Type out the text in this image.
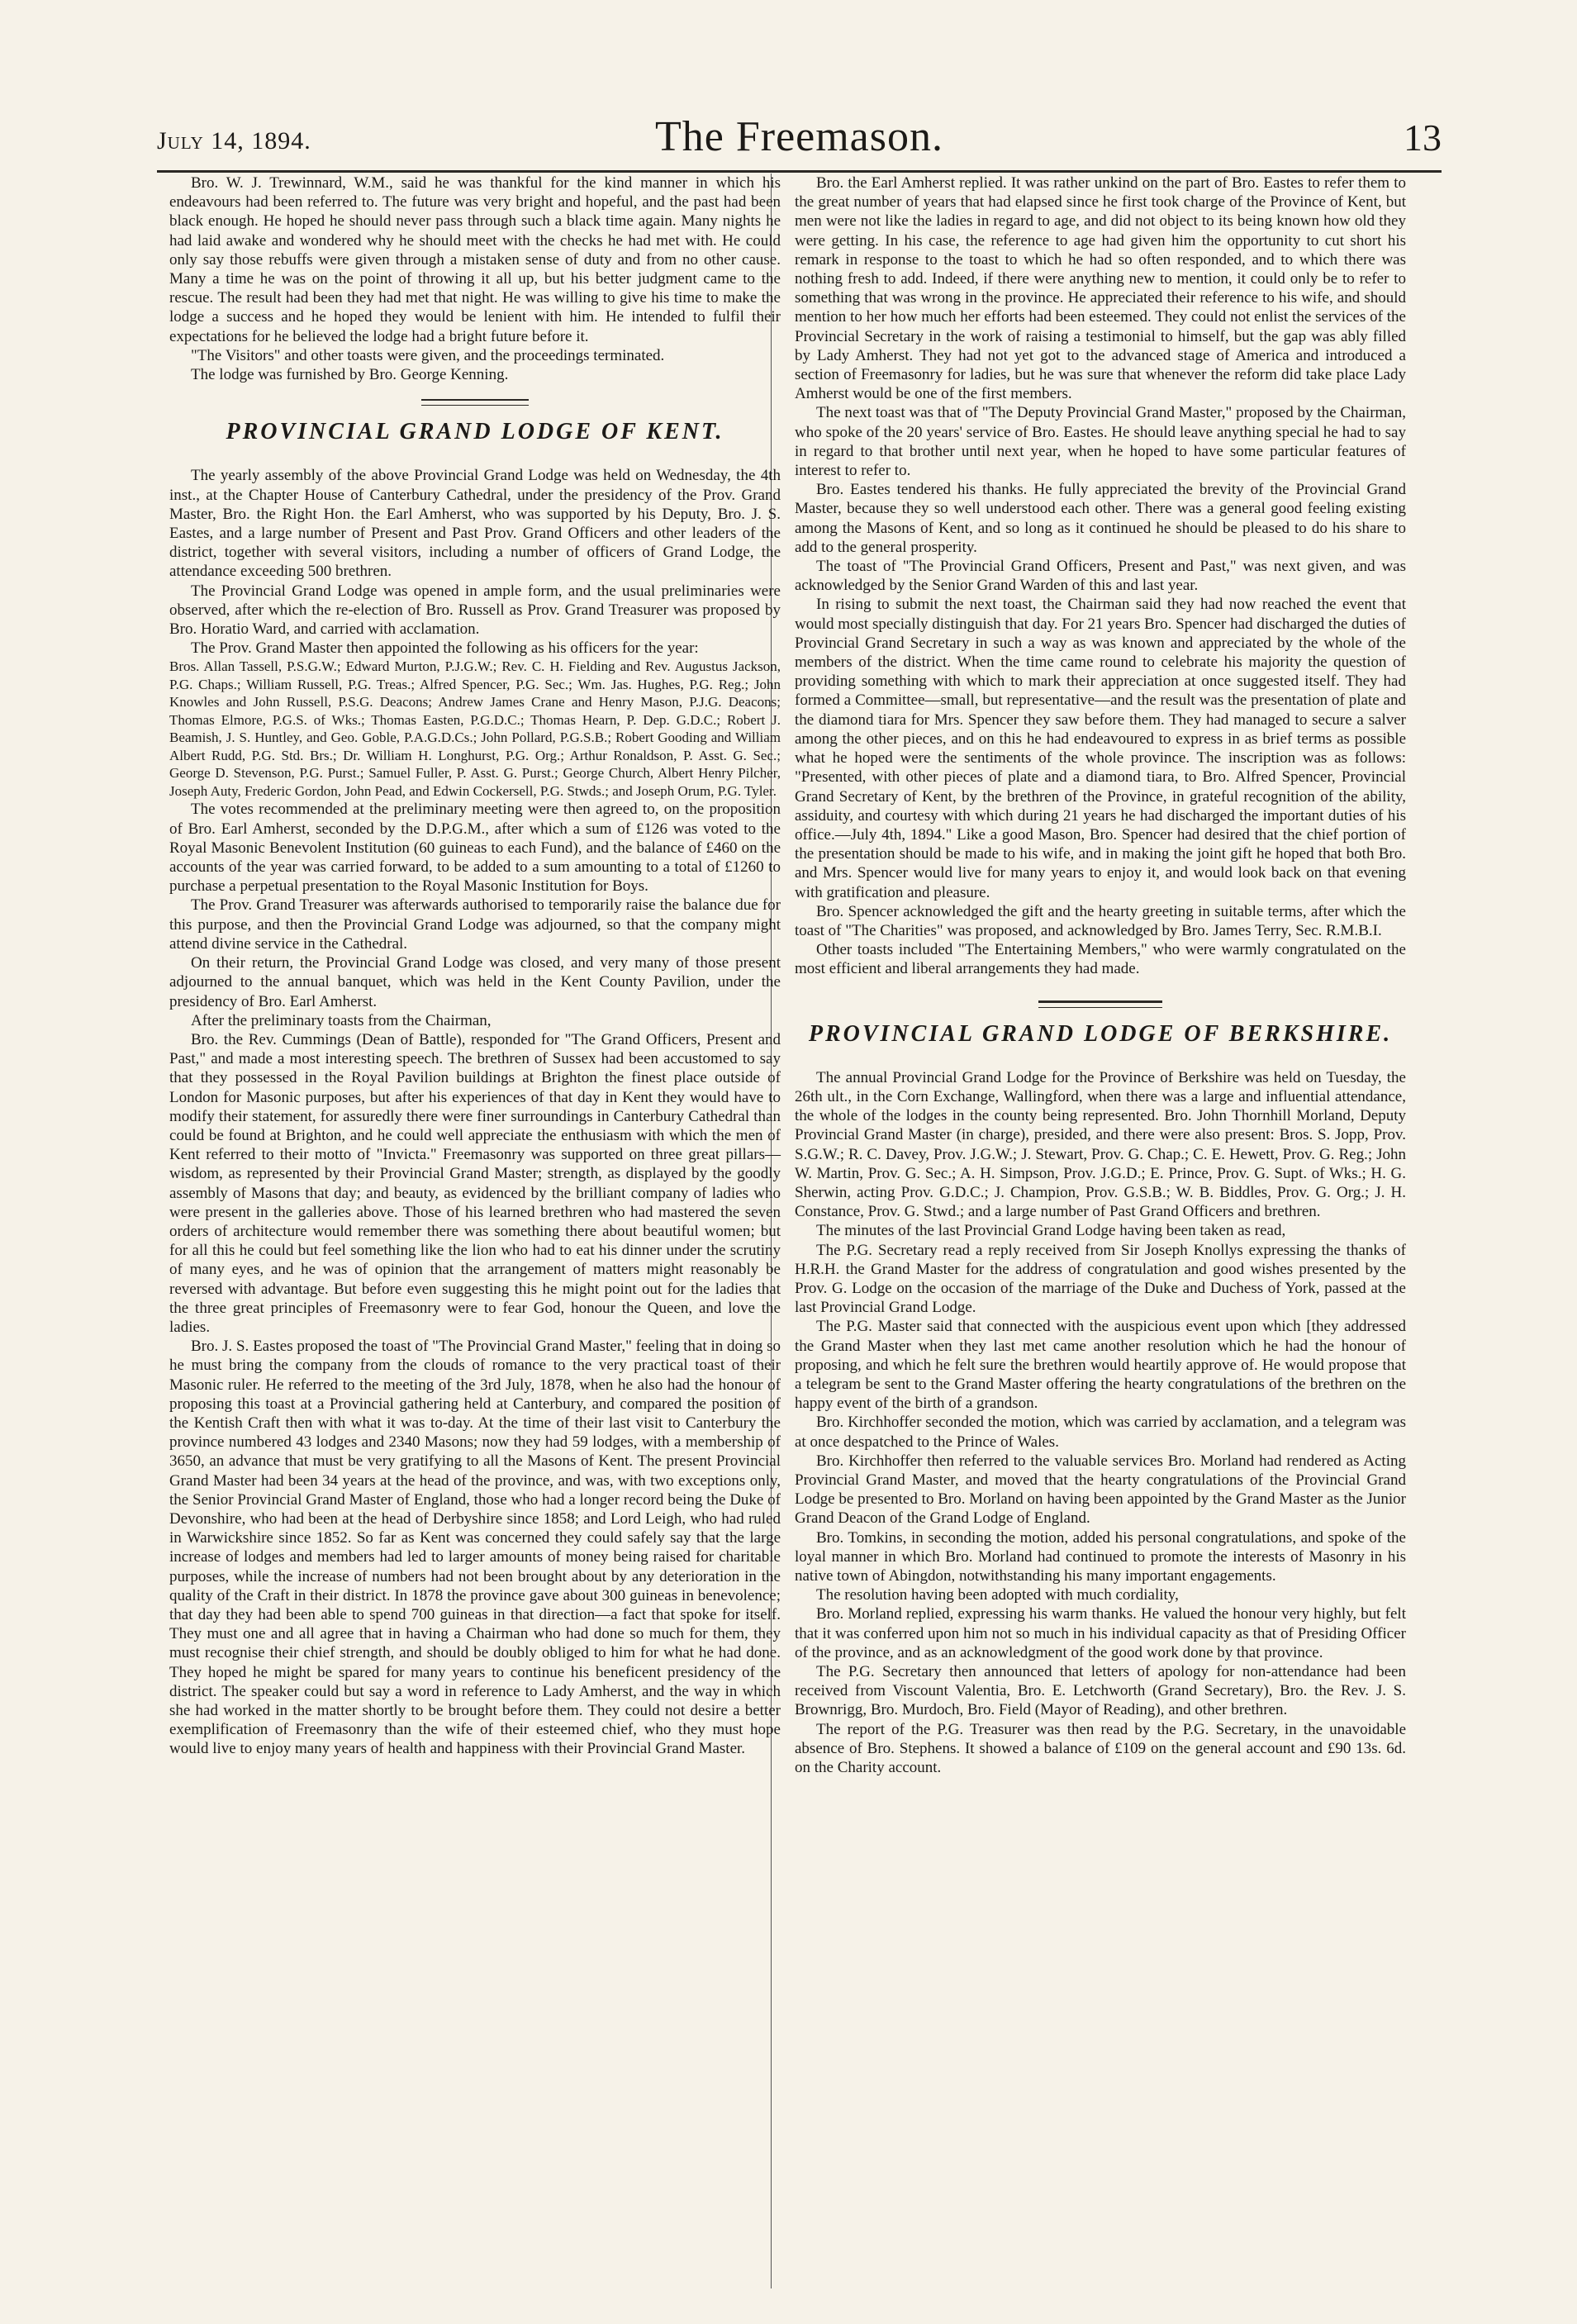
July 14, 1894.	The Freemason.	13

Bro. W. J. Trewinnard, W.M., said he was thankful for the kind manner in which his endeavours had been referred to. The future was very bright and hopeful, and the past had been black enough. He hoped he should never pass through such a black time again. Many nights he had laid awake and wondered why he should meet with the checks he had met with. He could only say those rebuffs were given through a mistaken sense of duty and from no other cause. Many a time he was on the point of throwing it all up, but his better judgment came to the rescue. The result had been they had met that night. He was willing to give his time to make the lodge a success and he hoped they would be lenient with him. He intended to fulfil their expectations for he believed the lodge had a bright future before it.

"The Visitors" and other toasts were given, and the proceedings terminated.

The lodge was furnished by Bro. George Kenning.

PROVINCIAL GRAND LODGE OF KENT.

The yearly assembly of the above Provincial Grand Lodge was held on Wednesday, the 4th inst., at the Chapter House of Canterbury Cathedral, under the presidency of the Prov. Grand Master, Bro. the Right Hon. the Earl Amherst, who was supported by his Deputy, Bro. J. S. Eastes, and a large number of Present and Past Prov. Grand Officers and other leaders of the district, together with several visitors, including a number of officers of Grand Lodge, the attendance exceeding 500 brethren.

The Provincial Grand Lodge was opened in ample form, and the usual preliminaries were observed, after which the re-election of Bro. Russell as Prov. Grand Treasurer was proposed by Bro. Horatio Ward, and carried with acclamation.

The Prov. Grand Master then appointed the following as his officers for the year:

Bros. Allan Tassell, P.S.G.W.; Edward Murton, P.J.G.W.; Rev. C. H. Fielding and Rev. Augustus Jackson, P.G. Chaps.; William Russell, P.G. Treas.; Alfred Spencer, P.G. Sec.; Wm. Jas. Hughes, P.G. Reg.; John Knowles and John Russell, P.S.G. Deacons; Andrew James Crane and Henry Mason, P.J.G. Deacons; Thomas Elmore, P.G.S. of Wks.; Thomas Easten, P.G.D.C.; Thomas Hearn, P. Dep. G.D.C.; Robert J. Beamish, J. S. Huntley, and Geo. Goble, P.A.G.D.Cs.; John Pollard, P.G.S.B.; Robert Gooding and William Albert Rudd, P.G. Std. Brs.; Dr. William H. Longhurst, P.G. Org.; Arthur Ronaldson, P. Asst. G. Sec.; George D. Stevenson, P.G. Purst.; Samuel Fuller, P. Asst. G. Purst.; George Church, Albert Henry Pilcher, Joseph Auty, Frederic Gordon, John Pead, and Edwin Cockersell, P.G. Stwds.; and Joseph Orum, P.G. Tyler.

The votes recommended at the preliminary meeting were then agreed to, on the proposition of Bro. Earl Amherst, seconded by the D.P.G.M., after which a sum of £126 was voted to the Royal Masonic Benevolent Institution (60 guineas to each Fund), and the balance of £460 on the accounts of the year was carried forward, to be added to a sum amounting to a total of £1260 to purchase a perpetual presentation to the Royal Masonic Institution for Boys.

The Prov. Grand Treasurer was afterwards authorised to temporarily raise the balance due for this purpose, and then the Provincial Grand Lodge was adjourned, so that the company might attend divine service in the Cathedral.

On their return, the Provincial Grand Lodge was closed, and very many of those present adjourned to the annual banquet, which was held in the Kent County Pavilion, under the presidency of Bro. Earl Amherst.

After the preliminary toasts from the Chairman,

Bro. the Rev. Cummings (Dean of Battle), responded for "The Grand Officers, Present and Past," and made a most interesting speech. The brethren of Sussex had been accustomed to say that they possessed in the Royal Pavilion buildings at Brighton the finest place outside of London for Masonic purposes, but after his experiences of that day in Kent they would have to modify their statement, for assuredly there were finer surroundings in Canterbury Cathedral than could be found at Brighton, and he could well appreciate the enthusiasm with which the men of Kent referred to their motto of "Invicta." Freemasonry was supported on three great pillars—wisdom, as represented by their Provincial Grand Master; strength, as displayed by the goodly assembly of Masons that day; and beauty, as evidenced by the brilliant company of ladies who were present in the galleries above. Those of his learned brethren who had mastered the seven orders of architecture would remember there was something there about beautiful women; but for all this he could but feel something like the lion who had to eat his dinner under the scrutiny of many eyes, and he was of opinion that the arrangement of matters might reasonably be reversed with advantage. But before even suggesting this he might point out for the ladies that the three great principles of Freemasonry were to fear God, honour the Queen, and love the ladies.

Bro. J. S. Eastes proposed the toast of "The Provincial Grand Master," feeling that in doing so he must bring the company from the clouds of romance to the very practical toast of their Masonic ruler. He referred to the meeting of the 3rd July, 1878, when he also had the honour of proposing this toast at a Provincial gathering held at Canterbury, and compared the position of the Kentish Craft then with what it was to-day. At the time of their last visit to Canterbury the province numbered 43 lodges and 2340 Masons; now they had 59 lodges, with a membership of 3650, an advance that must be very gratifying to all the Masons of Kent. The present Provincial Grand Master had been 34 years at the head of the province, and was, with two exceptions only, the Senior Provincial Grand Master of England, those who had a longer record being the Duke of Devonshire, who had been at the head of Derbyshire since 1858; and Lord Leigh, who had ruled in Warwickshire since 1852. So far as Kent was concerned they could safely say that the large increase of lodges and members had led to larger amounts of money being raised for charitable purposes, while the increase of numbers had not been brought about by any deterioration in the quality of the Craft in their district. In 1878 the province gave about 300 guineas in benevolence; that day they had been able to spend 700 guineas in that direction—a fact that spoke for itself. They must one and all agree that in having a Chairman who had done so much for them, they must recognise their chief strength, and should be doubly obliged to him for what he had done. They hoped he might be spared for many years to continue his beneficent presidency of the district. The speaker could but say a word in reference to Lady Amherst, and the way in which she had worked in the matter shortly to be brought before them. They could not desire a better exemplification of Freemasonry than the wife of their esteemed chief, who they must hope would live to enjoy many years of health and happiness with their Provincial Grand Master.

Bro. the Earl Amherst replied. It was rather unkind on the part of Bro. Eastes to refer them to the great number of years that had elapsed since he first took charge of the Province of Kent, but men were not like the ladies in regard to age, and did not object to its being known how old they were getting. In his case, the reference to age had given him the opportunity to cut short his remark in response to the toast to which he had so often responded, and to which there was nothing fresh to add. Indeed, if there were anything new to mention, it could only be to refer to something that was wrong in the province. He appreciated their reference to his wife, and should mention to her how much her efforts had been esteemed. They could not enlist the services of the Provincial Secretary in the work of raising a testimonial to himself, but the gap was ably filled by Lady Amherst. They had not yet got to the advanced stage of America and introduced a section of Freemasonry for ladies, but he was sure that whenever the reform did take place Lady Amherst would be one of the first members.

The next toast was that of "The Deputy Provincial Grand Master," proposed by the Chairman, who spoke of the 20 years' service of Bro. Eastes. He should leave anything special he had to say in regard to that brother until next year, when he hoped to have some particular features of interest to refer to.

Bro. Eastes tendered his thanks. He fully appreciated the brevity of the Provincial Grand Master, because they so well understood each other. There was a general good feeling existing among the Masons of Kent, and so long as it continued he should be pleased to do his share to add to the general prosperity.

The toast of "The Provincial Grand Officers, Present and Past," was next given, and was acknowledged by the Senior Grand Warden of this and last year.

In rising to submit the next toast, the Chairman said they had now reached the event that would most specially distinguish that day. For 21 years Bro. Spencer had discharged the duties of Provincial Grand Secretary in such a way as was known and appreciated by the whole of the members of the district. When the time came round to celebrate his majority the question of providing something with which to mark their appreciation at once suggested itself. They had formed a Committee—small, but representative—and the result was the presentation of plate and the diamond tiara for Mrs. Spencer they saw before them. They had managed to secure a salver among the other pieces, and on this he had endeavoured to express in as brief terms as possible what he hoped were the sentiments of the whole province. The inscription was as follows: "Presented, with other pieces of plate and a diamond tiara, to Bro. Alfred Spencer, Provincial Grand Secretary of Kent, by the brethren of the Province, in grateful recognition of the ability, assiduity, and courtesy with which during 21 years he had discharged the important duties of his office.—July 4th, 1894." Like a good Mason, Bro. Spencer had desired that the chief portion of the presentation should be made to his wife, and in making the joint gift he hoped that both Bro. and Mrs. Spencer would live for many years to enjoy it, and would look back on that evening with gratification and pleasure.

Bro. Spencer acknowledged the gift and the hearty greeting in suitable terms, after which the toast of "The Charities" was proposed, and acknowledged by Bro. James Terry, Sec. R.M.B.I.

Other toasts included "The Entertaining Members," who were warmly congratulated on the most efficient and liberal arrangements they had made.

PROVINCIAL GRAND LODGE OF BERKSHIRE.

The annual Provincial Grand Lodge for the Province of Berkshire was held on Tuesday, the 26th ult., in the Corn Exchange, Wallingford, when there was a large and influential attendance, the whole of the lodges in the county being represented. Bro. John Thornhill Morland, Deputy Provincial Grand Master (in charge), presided, and there were also present: Bros. S. Jopp, Prov. S.G.W.; R. C. Davey, Prov. J.G.W.; J. Stewart, Prov. G. Chap.; C. E. Hewett, Prov. G. Reg.; John W. Martin, Prov. G. Sec.; A. H. Simpson, Prov. J.G.D.; E. Prince, Prov. G. Supt. of Wks.; H. G. Sherwin, acting Prov. G.D.C.; J. Champion, Prov. G.S.B.; W. B. Biddles, Prov. G. Org.; J. H. Constance, Prov. G. Stwd.; and a large number of Past Grand Officers and brethren.

The minutes of the last Provincial Grand Lodge having been taken as read,

The P.G. Secretary read a reply received from Sir Joseph Knollys expressing the thanks of H.R.H. the Grand Master for the address of congratulation and good wishes presented by the Prov. G. Lodge on the occasion of the marriage of the Duke and Duchess of York, passed at the last Provincial Grand Lodge.

The P.G. Master said that connected with the auspicious event upon which [they addressed the Grand Master when they last met came another resolution which he had the honour of proposing, and which he felt sure the brethren would heartily approve of. He would propose that a telegram be sent to the Grand Master offering the hearty congratulations of the brethren on the happy event of the birth of a grandson.

Bro. Kirchhoffer seconded the motion, which was carried by acclamation, and a telegram was at once despatched to the Prince of Wales.

Bro. Kirchhoffer then referred to the valuable services Bro. Morland had rendered as Acting Provincial Grand Master, and moved that the hearty congratulations of the Provincial Grand Lodge be presented to Bro. Morland on having been appointed by the Grand Master as the Junior Grand Deacon of the Grand Lodge of England.

Bro. Tomkins, in seconding the motion, added his personal congratulations, and spoke of the loyal manner in which Bro. Morland had continued to promote the interests of Masonry in his native town of Abingdon, notwithstanding his many important engagements.

The resolution having been adopted with much cordiality,

Bro. Morland replied, expressing his warm thanks. He valued the honour very highly, but felt that it was conferred upon him not so much in his individual capacity as that of Presiding Officer of the province, and as an acknowledgment of the good work done by that province.

The P.G. Secretary then announced that letters of apology for non-attendance had been received from Viscount Valentia, Bro. E. Letchworth (Grand Secretary), Bro. the Rev. J. S. Brownrigg, Bro. Murdoch, Bro. Field (Mayor of Reading), and other brethren.

The report of the P.G. Treasurer was then read by the P.G. Secretary, in the unavoidable absence of Bro. Stephens. It showed a balance of £109 on the general account and £90 13s. 6d. on the Charity account.
